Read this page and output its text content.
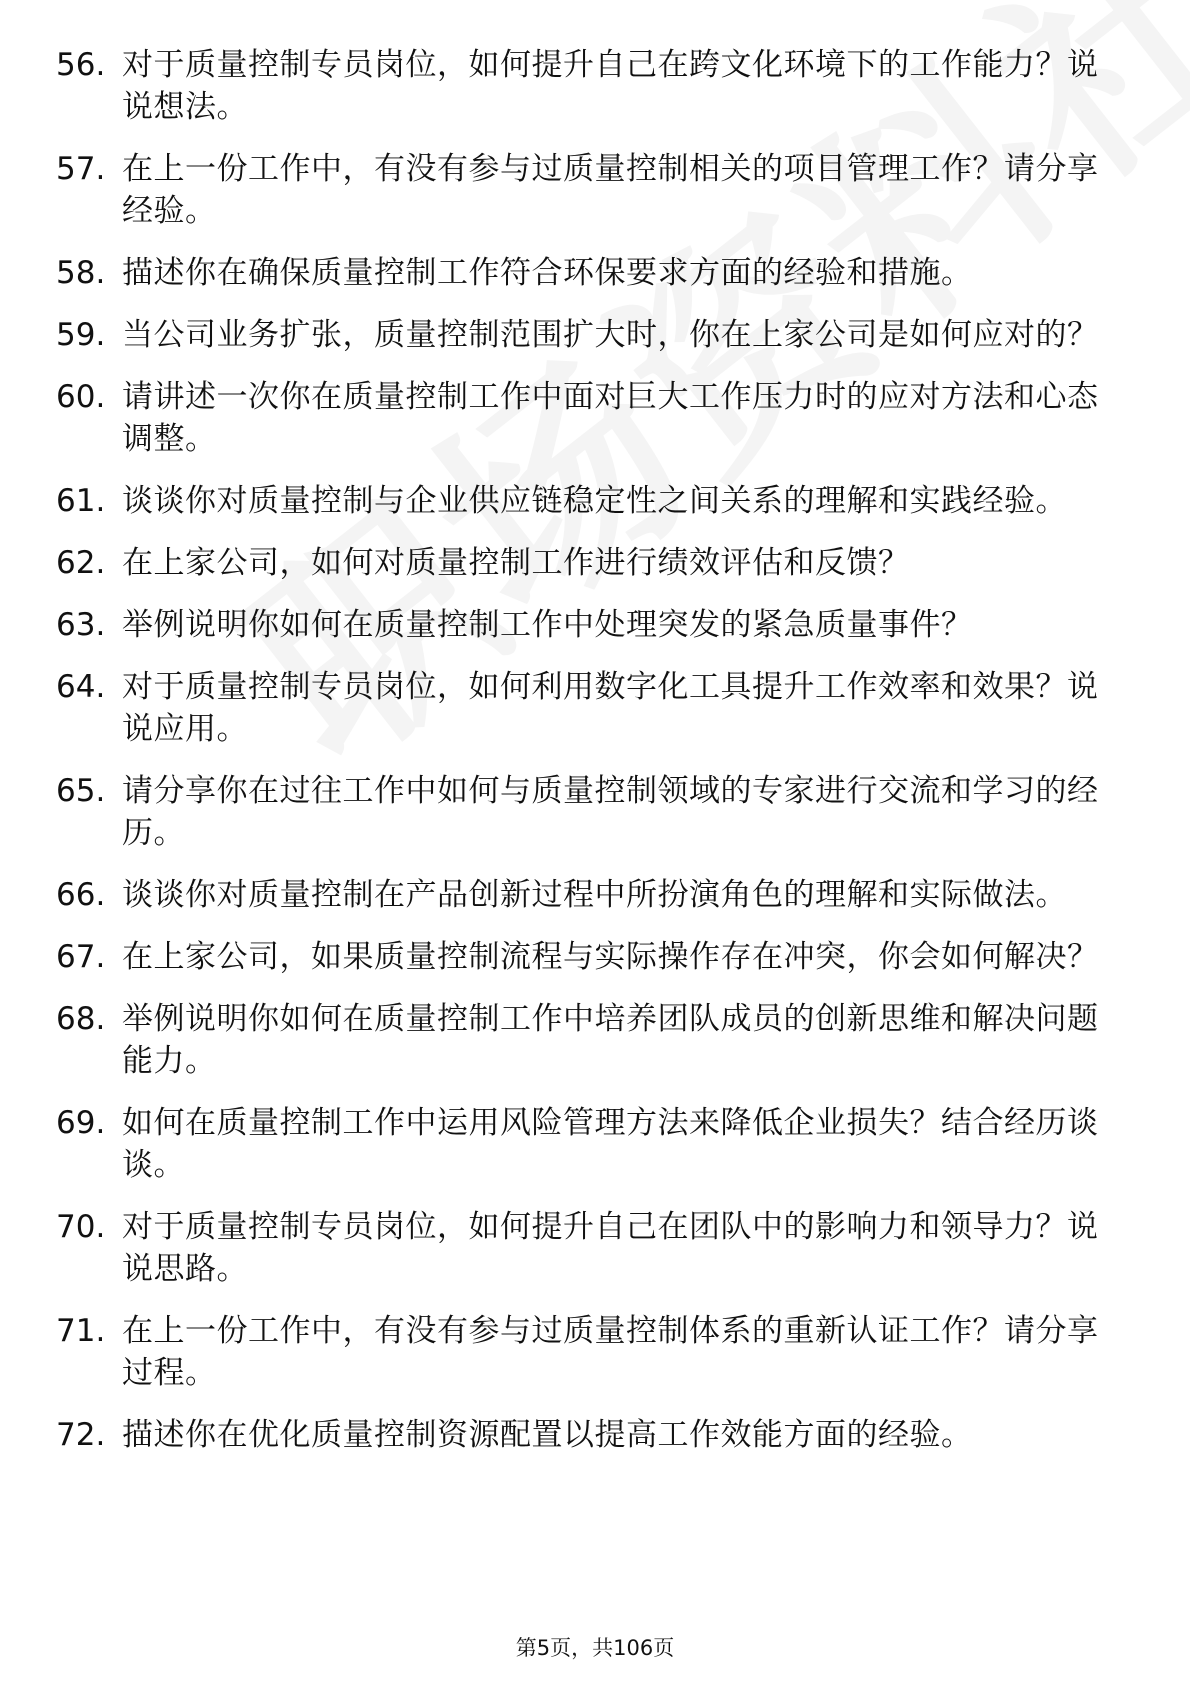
56. 对于质量控制专员岗位，如何提升自己在跨文化环境下的工作能力？说说想法。
57. 在上一份工作中，有没有参与过质量控制相关的项目管理工作？请分享经验。
58. 描述你在确保质量控制工作符合环保要求方面的经验和措施。
59. 当公司业务扩张，质量控制范围扩大时，你在上家公司是如何应对的？
60. 请讲述一次你在质量控制工作中面对巨大工作压力时的应对方法和心态调整。
61. 谈谈你对质量控制与企业供应链稳定性之间关系的理解和实践经验。
62. 在上家公司，如何对质量控制工作进行绩效评估和反馈？
63. 举例说明你如何在质量控制工作中处理突发的紧急质量事件？
64. 对于质量控制专员岗位，如何利用数字化工具提升工作效率和效果？说说应用。
65. 请分享你在过往工作中如何与质量控制领域的专家进行交流和学习的经历。
66. 谈谈你对质量控制在产品创新过程中所扮演角色的理解和实际做法。
67. 在上家公司，如果质量控制流程与实际操作存在冲突，你会如何解决？
68. 举例说明你如何在质量控制工作中培养团队成员的创新思维和解决问题能力。
69. 如何在质量控制工作中运用风险管理方法来降低企业损失？结合经历谈谈。
70. 对于质量控制专员岗位，如何提升自己在团队中的影响力和领导力？说说思路。
71. 在上一份工作中，有没有参与过质量控制体系的重新认证工作？请分享过程。
72. 描述你在优化质量控制资源配置以提高工作效能方面的经验。
第5页，共106页
